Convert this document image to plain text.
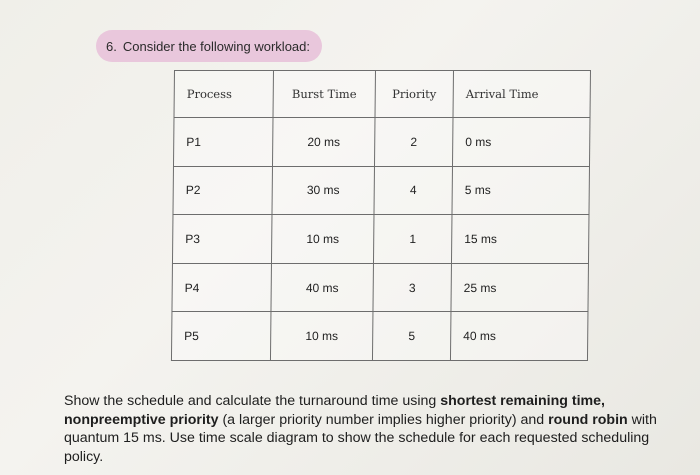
6. Consider the following workload:
Process	Burst Time	Priority	Arrival Time
P1	20 ms	2	0 ms
P2	30 ms	4	5 ms
P3	10 ms	1	15 ms
P4	40 ms	3	25 ms
P5	10 ms	5	40 ms
Show the schedule and calculate the turnaround time using shortest remaining time, nonpreemptive priority (a larger priority number implies higher priority) and round robin with quantum 15 ms. Use time scale diagram to show the schedule for each requested scheduling policy.
